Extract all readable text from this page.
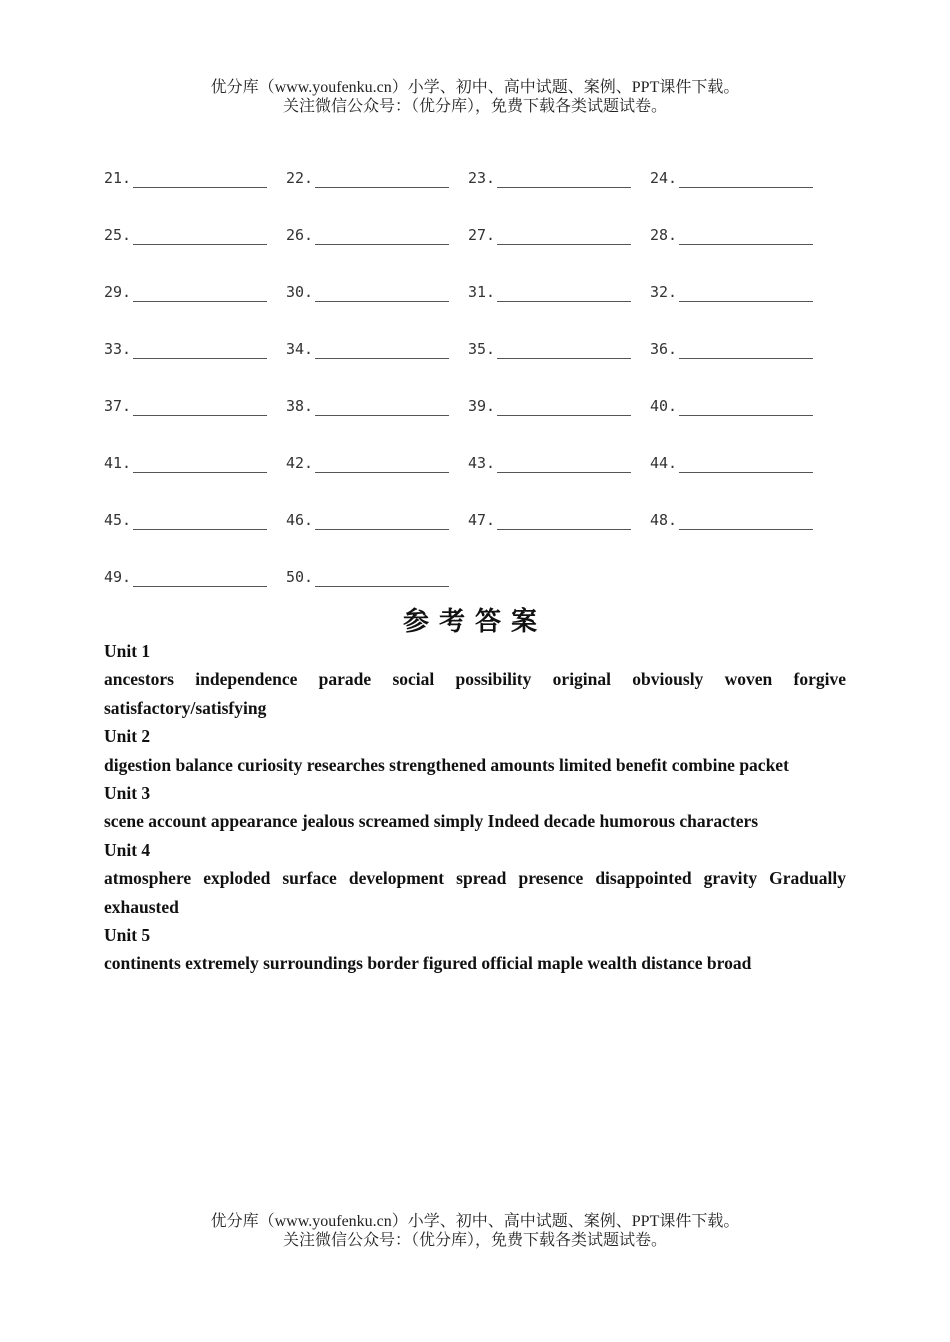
优分库（www.youfenku.cn）小学、初中、高中试题、案例、PPT课件下载。
关注微信公众号：（优分库），免费下载各类试题试卷。
21.	22.	23.	24.
25.	26.	27.	28.
29.	30.	31.	32.
33.	34.	35.	36.
37.	38.	39.	40.
41.	42.	43.	44.
45.	46.	47.	48.
49.	50.
参考答案
Unit 1
ancestors independence parade social possibility original obviously woven forgive satisfactory/satisfying
Unit 2
digestion balance curiosity researches strengthened amounts limited benefit combine packet
Unit 3
scene account appearance jealous screamed simply Indeed decade humorous characters
Unit 4
atmosphere exploded surface development spread presence disappointed gravity Gradually exhausted
Unit 5
continents extremely surroundings border figured official maple wealth distance broad
优分库（www.youfenku.cn）小学、初中、高中试题、案例、PPT课件下载。
关注微信公众号：（优分库），免费下载各类试题试卷。
